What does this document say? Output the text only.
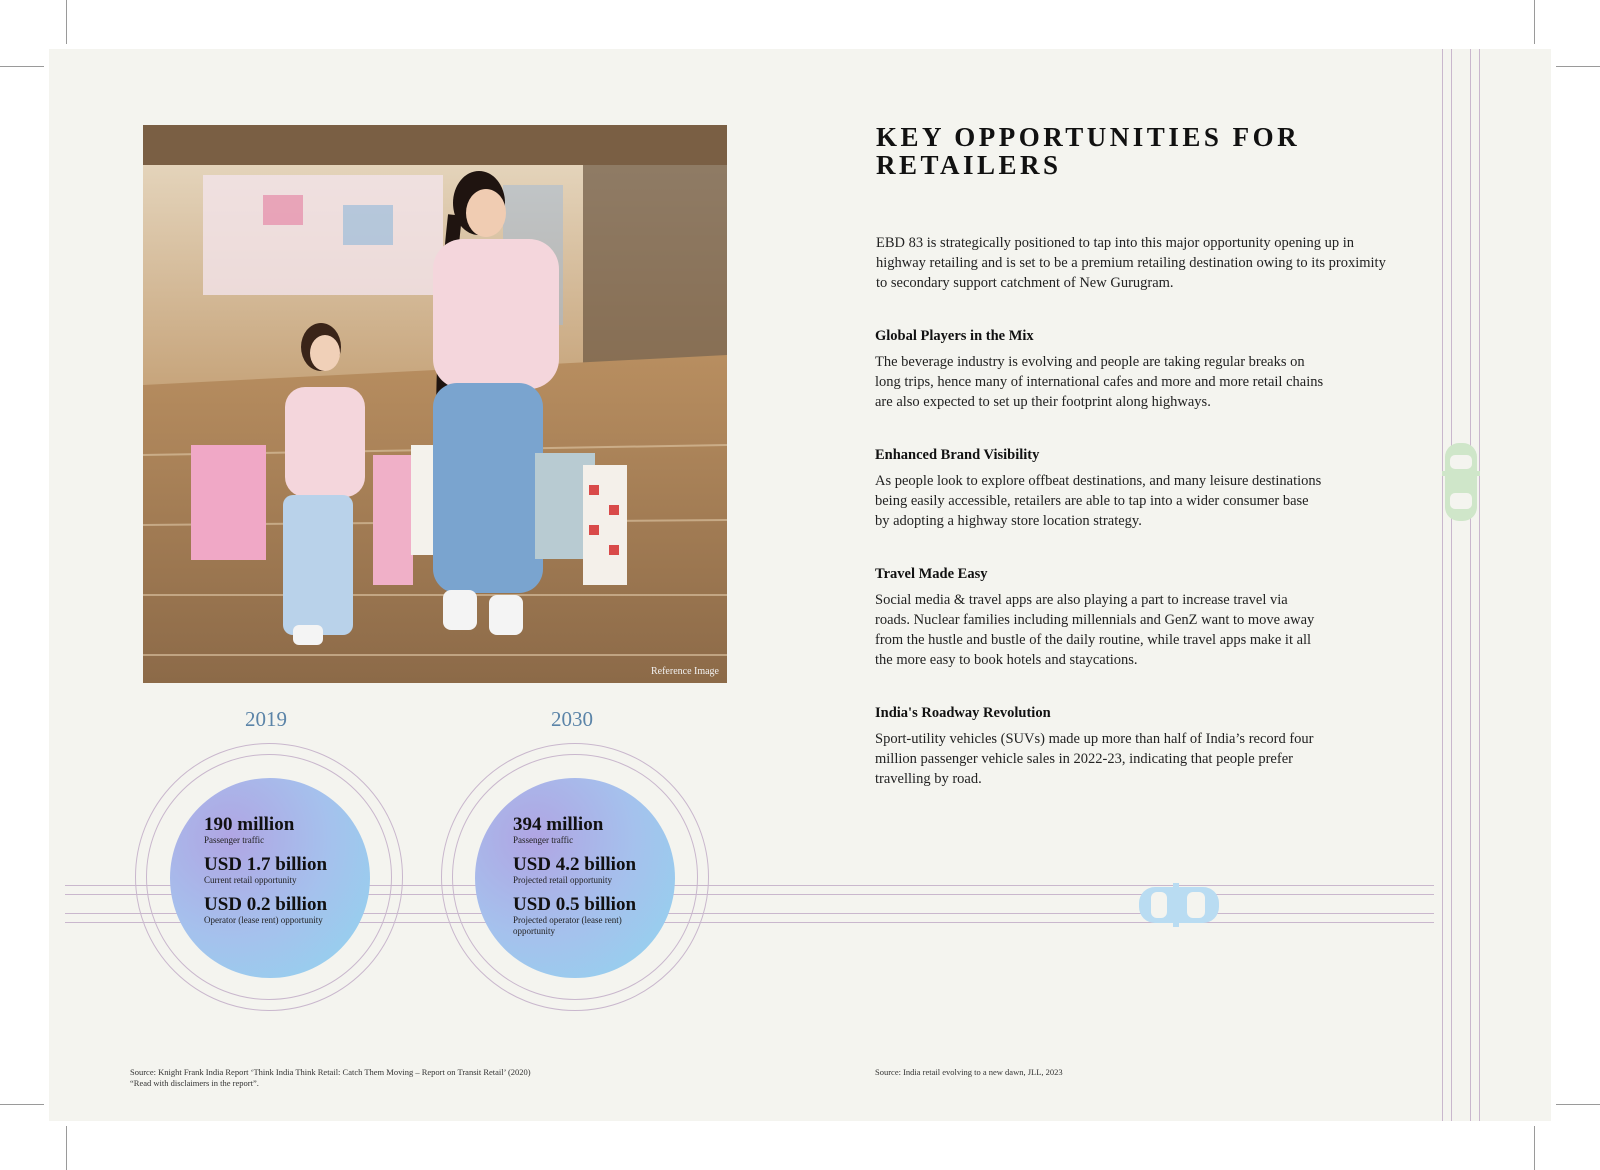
Reference Image
2019
190 million
Passenger traffic
USD 1.7 billion
Current retail opportunity
USD 0.2 billion
Operator (lease rent) opportunity
2030
394 million
Passenger traffic
USD 4.2 billion
Projected retail opportunity
USD 0.5 billion
Projected operator (lease rent) opportunity
KEY OPPORTUNITIES FOR RETAILERS
EBD 83 is strategically positioned to tap into this major opportunity opening up in highway retailing and is set to be a premium retailing destination owing to its proximity to secondary support catchment of New Gurugram.
Global Players in the Mix

The beverage industry is evolving and people are taking regular breaks on long trips, hence many of international cafes and more and more retail chains are also expected to set up their footprint along highways.

Enhanced Brand Visibility

As people look to explore offbeat destinations, and many leisure destinations being easily accessible, retailers are able to tap into a wider consumer base by adopting a highway store location strategy.

Travel Made Easy

Social media & travel apps are also playing a part to increase travel via roads. Nuclear families including millennials and GenZ want to move away from the hustle and bustle of the daily routine, while travel apps make it all the more easy to book hotels and staycations.

India's Roadway Revolution

Sport-utility vehicles (SUVs) made up more than half of India’s record four million passenger vehicle sales in 2022-23, indicating that people prefer travelling by road.

Source: Knight Frank India Report ‘Think India Think Retail: Catch Them Moving – Report on Transit Retail’ (2020)
“Read with disclaimers in the report”.
Source: India retail evolving to a new dawn, JLL, 2023
